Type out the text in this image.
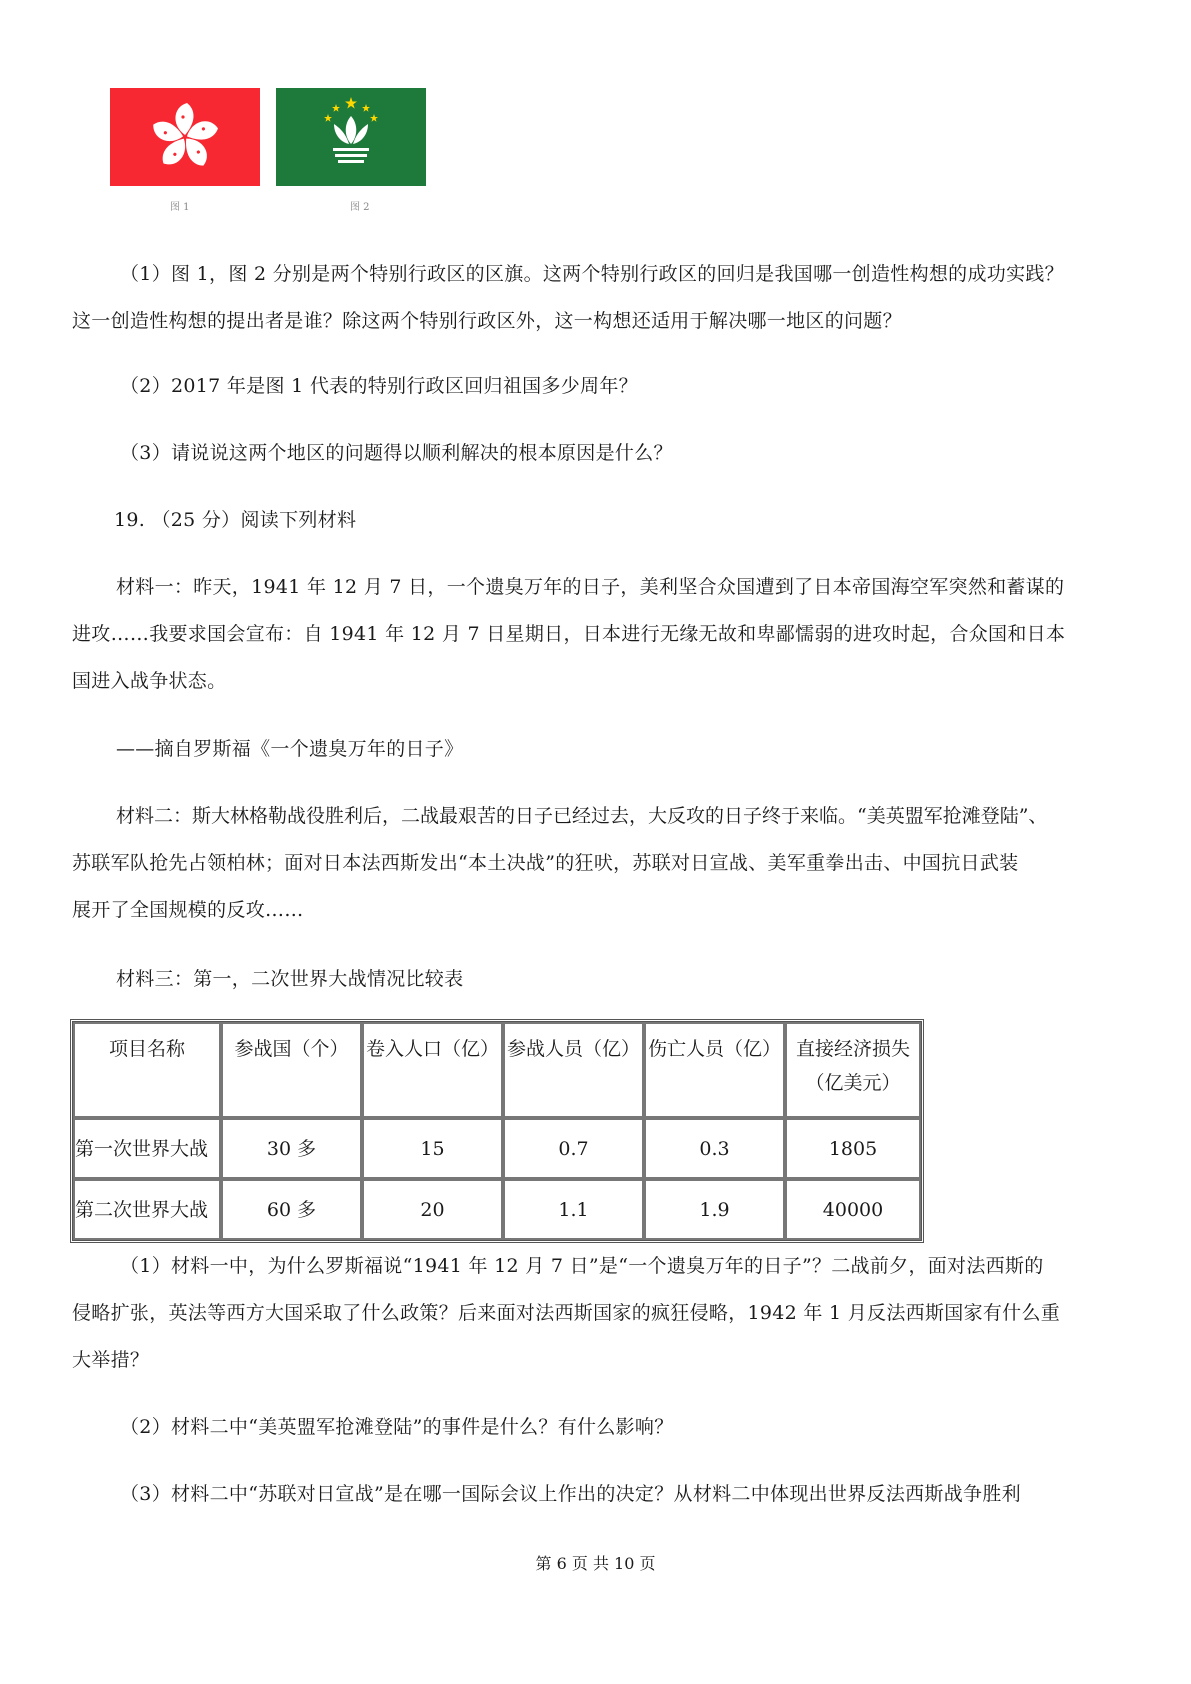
图 1	图 2
（1）图 1，图 2 分别是两个特别行政区的区旗。这两个特别行政区的回归是我国哪一创造性构想的成功实践？
这一创造性构想的提出者是谁？除这两个特别行政区外，这一构想还适用于解决哪一地区的问题？
（2）2017 年是图 1 代表的特别行政区回归祖国多少周年？
（3）请说说这两个地区的问题得以顺利解决的根本原因是什么？
19. （25 分）阅读下列材料
材料一：昨天，1941 年 12 月 7 日，一个遗臭万年的日子，美利坚合众国遭到了日本帝国海空军突然和蓄谋的
进攻……我要求国会宣布：自 1941 年 12 月 7 日星期日，日本进行无缘无故和卑鄙懦弱的进攻时起，合众国和日本
国进入战争状态。
——摘自罗斯福《一个遗臭万年的日子》
材料二：斯大林格勒战役胜利后，二战最艰苦的日子已经过去，大反攻的日子终于来临。“美英盟军抢滩登陆”、
苏联军队抢先占领柏林；面对日本法西斯发出“本土决战”的狂吠，苏联对日宣战、美军重拳出击、中国抗日武装
展开了全国规模的反攻……
材料三：第一，二次世界大战情况比较表
项目名称	参战国（个）	卷入人口（亿）	参战人员（亿）	伤亡人员（亿）	直接经济损失
（亿美元）

第一次世界大战	30 多	15	0.7	0.3	1805

第二次世界大战	60 多	20	1.1	1.9	40000
（1）材料一中，为什么罗斯福说“1941 年 12 月 7 日”是“一个遗臭万年的日子”？二战前夕，面对法西斯的
侵略扩张，英法等西方大国采取了什么政策？后来面对法西斯国家的疯狂侵略，1942 年 1 月反法西斯国家有什么重
大举措？
（2）材料二中“美英盟军抢滩登陆”的事件是什么？有什么影响？
（3）材料二中“苏联对日宣战”是在哪一国际会议上作出的决定？从材料二中体现出世界反法西斯战争胜利
第 6 页 共 10 页
